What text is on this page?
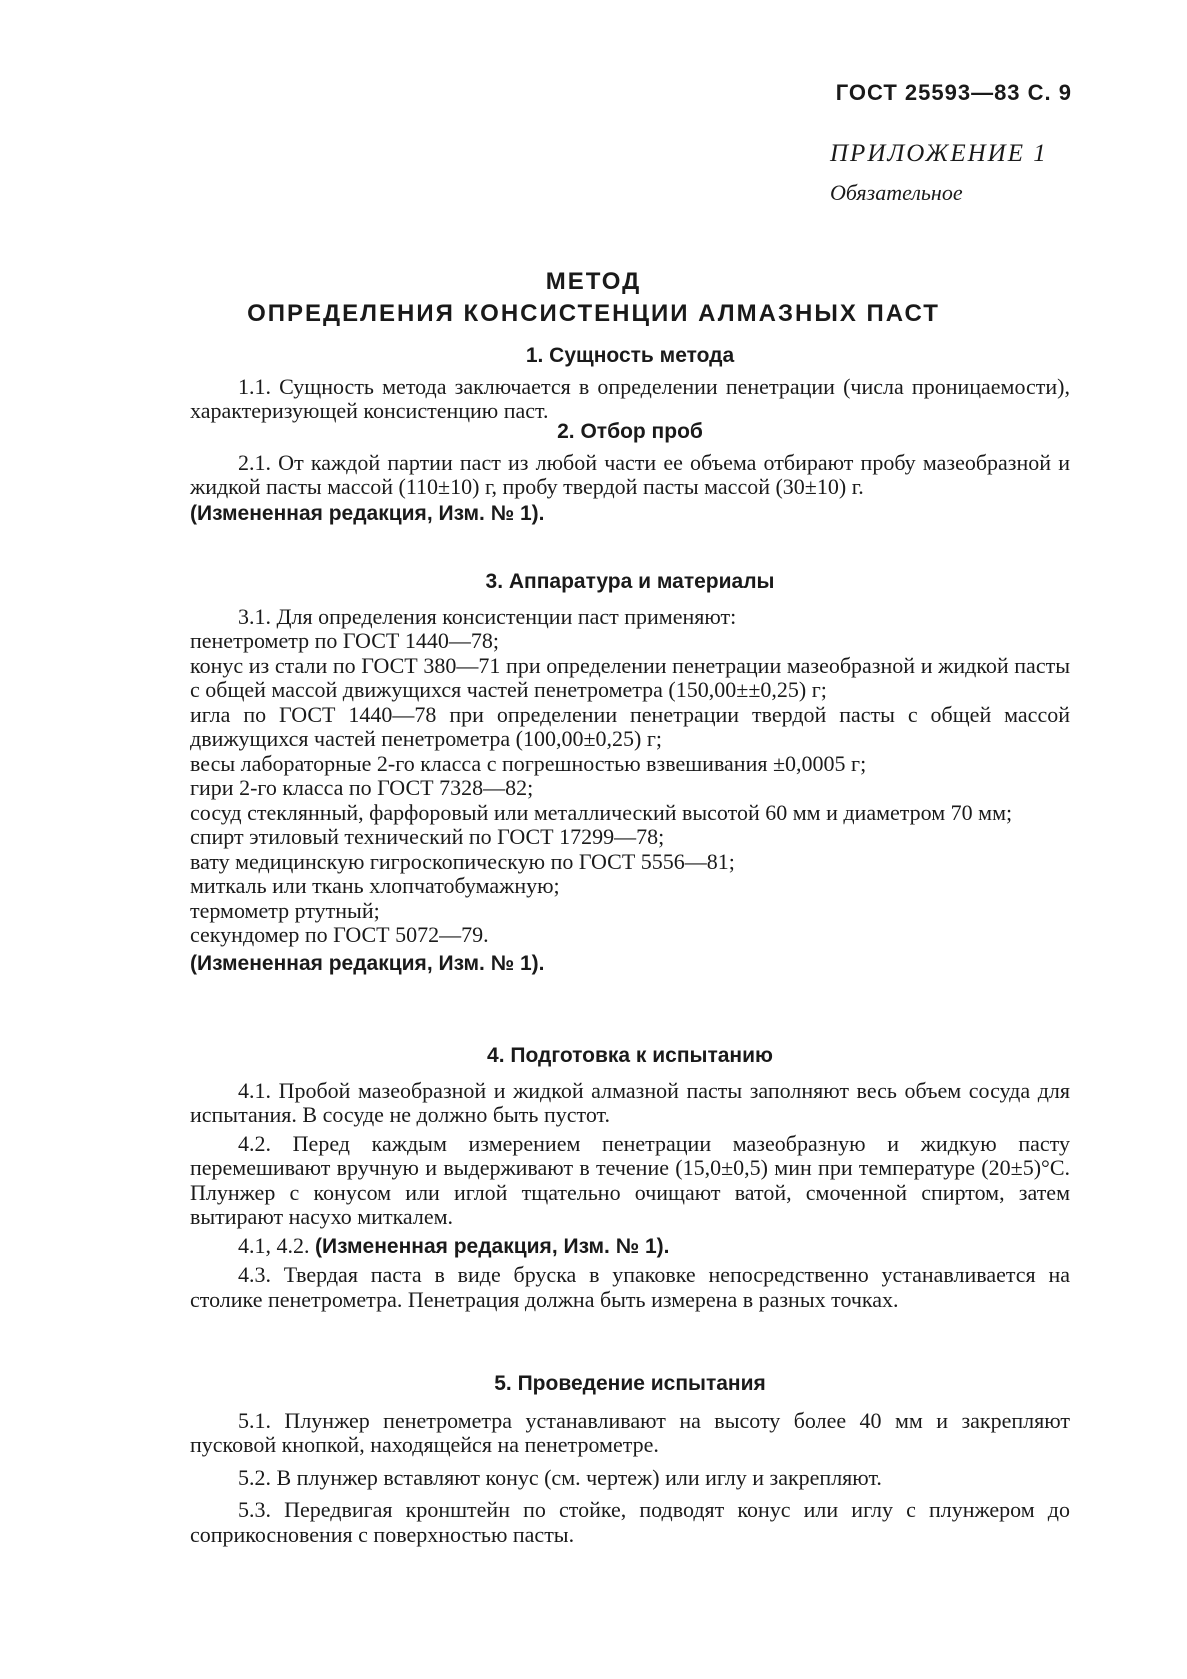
ГОСТ 25593—83 С. 9
ПРИЛОЖЕНИЕ 1
Обязательное
МЕТОД
ОПРЕДЕЛЕНИЯ КОНСИСТЕНЦИИ АЛМАЗНЫХ ПАСТ
1. Сущность метода

1.1. Сущность метода заключается в определении пенетрации (числа проницаемости), характеризующей консистенцию паст.

2. Отбор проб

2.1. От каждой партии паст из любой части ее объема отбирают пробу мазеобразной и жидкой пасты массой (110±10) г, пробу твердой пасты массой (30±10) г.

(Измененная редакция, Изм. № 1).

3. Аппаратура и материалы

3.1. Для определения консистенции паст применяют:

пенетрометр по ГОСТ 1440—78;

конус из стали по ГОСТ 380—71 при определении пенетрации мазеобразной и жидкой пасты с общей массой движущихся частей пенетрометра (150,00±±0,25) г;

игла по ГОСТ 1440—78 при определении пенетрации твердой пасты с общей массой движущихся частей пенетрометра (100,00±0,25) г;

весы лабораторные 2-го класса с погрешностью взвешивания ±0,0005 г;

гири 2-го класса по ГОСТ 7328—82;

сосуд стеклянный, фарфоровый или металлический высотой 60 мм и диаметром 70 мм;

спирт этиловый технический по ГОСТ 17299—78;

вату медицинскую гигроскопическую по ГОСТ 5556—81;

миткаль или ткань хлопчатобумажную;

термометр ртутный;

секундомер по ГОСТ 5072—79.

(Измененная редакция, Изм. № 1).

4. Подготовка к испытанию

4.1. Пробой мазеобразной и жидкой алмазной пасты заполняют весь объем сосуда для испытания. В сосуде не должно быть пустот.

4.2. Перед каждым измерением пенетрации мазеобразную и жидкую пасту перемешивают вручную и выдерживают в течение (15,0±0,5) мин при температуре (20±5)°С. Плунжер с конусом или иглой тщательно очищают ватой, смоченной спиртом, затем вытирают насухо миткалем.

4.1, 4.2. (Измененная редакция, Изм. № 1).

4.3. Твердая паста в виде бруска в упаковке непосредственно устанавливается на столике пенетрометра. Пенетрация должна быть измерена в разных точках.

5. Проведение испытания

5.1. Плунжер пенетрометра устанавливают на высоту более 40 мм и закрепляют пусковой кнопкой, находящейся на пенетрометре.

5.2. В плунжер вставляют конус (см. чертеж) или иглу и закрепляют.

5.3. Передвигая кронштейн по стойке, подводят конус или иглу с плунжером до соприкосновения с поверхностью пасты.
